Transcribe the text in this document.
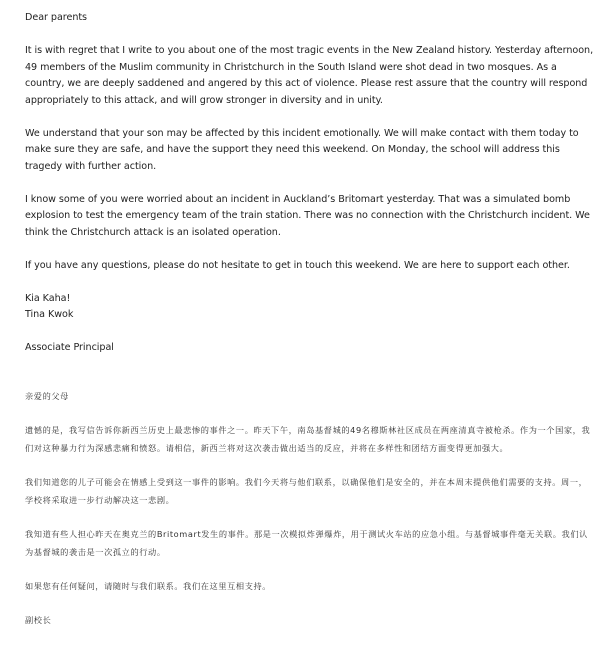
Dear parents

It is with regret that I write to you about one of the most tragic events in the New Zealand history. Yesterday afternoon, 49 members of the Muslim community in Christchurch in the South Island were shot dead in two mosques. As a country, we are deeply saddened and angered by this act of violence. Please rest assure that the country will respond appropriately to this attack, and will grow stronger in diversity and in unity.

We understand that your son may be affected by this incident emotionally. We will make contact with them today to make sure they are safe, and have the support they need this weekend. On Monday, the school will address this tragedy with further action.

I know some of you were worried about an incident in Auckland’s Britomart yesterday. That was a simulated bomb explosion to test the emergency team of the train station. There was no connection with the Christchurch incident. We think the Christchurch attack is an isolated operation.

If you have any questions, please do not hesitate to get in touch this weekend. We are here to support each other.

Kia Kaha!

Tina Kwok

Associate Principal

亲爱的父母

遗憾的是，我写信告诉你新西兰历史上最悲惨的事件之一。昨天下午，南岛基督城的49名穆斯林社区成员在两座清真寺被枪杀。作为一个国家，我们对这种暴力行为深感悲痛和愤怒。请相信，新西兰将对这次袭击做出适当的反应，并将在多样性和团结方面变得更加强大。

我们知道您的儿子可能会在情感上受到这一事件的影响。我们今天将与他们联系，以确保他们是安全的，并在本周末提供他们需要的支持。周一，学校将采取进一步行动解决这一悲剧。

我知道有些人担心昨天在奥克兰的Britomart发生的事件。那是一次模拟炸弹爆炸，用于测试火车站的应急小组。与基督城事件毫无关联。我们认为基督城的袭击是一次孤立的行动。

如果您有任何疑问，请随时与我们联系。我们在这里互相支持。

副校长
